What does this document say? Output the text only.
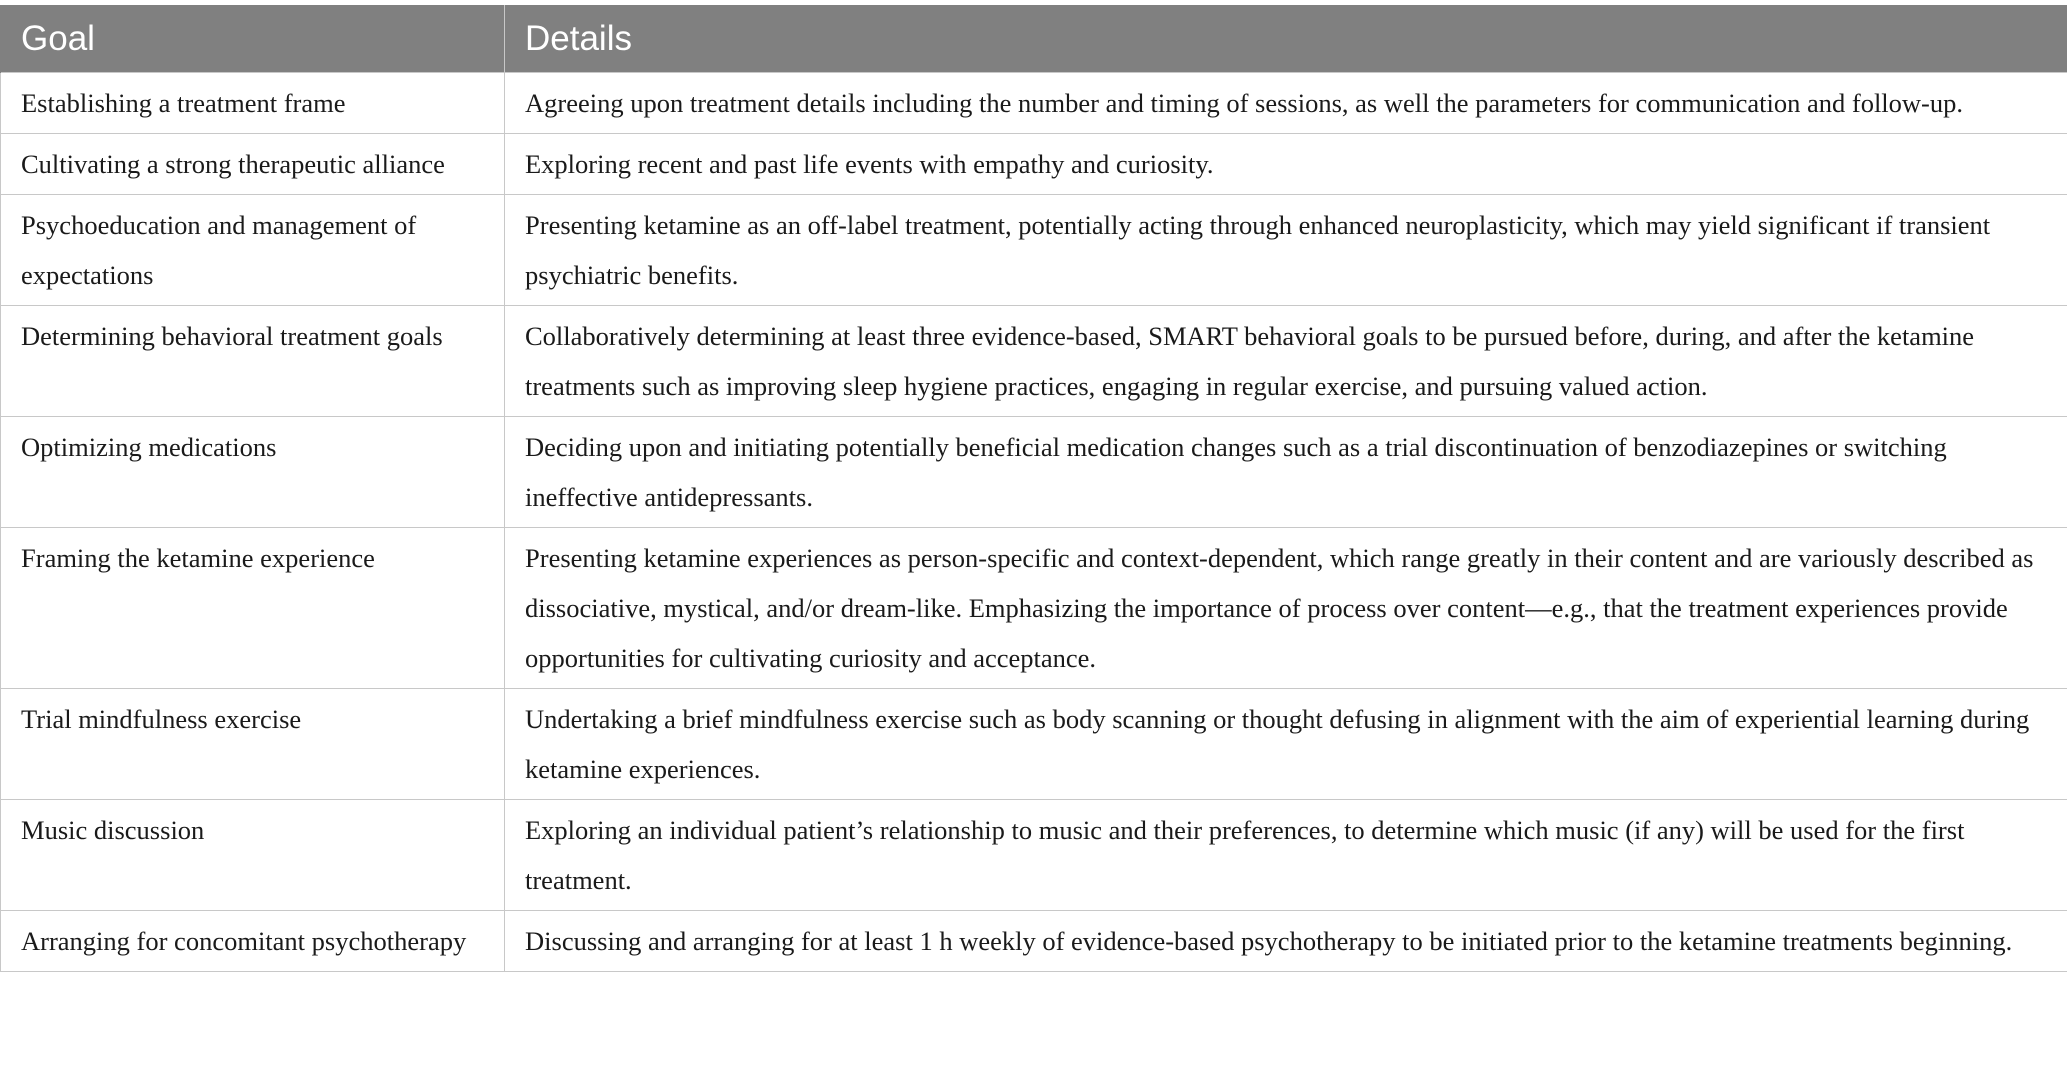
Goal	Details
Establishing a treatment frame	Agreeing upon treatment details including the number and timing of sessions, as well the parameters for communication and follow-up.
Cultivating a strong therapeutic alliance	Exploring recent and past life events with empathy and curiosity.
Psychoeducation and management of expectations	Presenting ketamine as an off-label treatment, potentially acting through enhanced neuroplasticity, which may yield significant if transient psychiatric benefits.
Determining behavioral treatment goals	Collaboratively determining at least three evidence-based, SMART behavioral goals to be pursued before, during, and after the ketamine treatments such as improving sleep hygiene practices, engaging in regular exercise, and pursuing valued action.
Optimizing medications	Deciding upon and initiating potentially beneficial medication changes such as a trial discontinuation of benzodiazepines or switching ineffective antidepressants.
Framing the ketamine experience	Presenting ketamine experiences as person-specific and context-dependent, which range greatly in their content and are variously described as dissociative, mystical, and/or dream-like. Emphasizing the importance of process over content—e.g., that the treatment experiences provide opportunities for cultivating curiosity and acceptance.
Trial mindfulness exercise	Undertaking a brief mindfulness exercise such as body scanning or thought defusing in alignment with the aim of experiential learning during ketamine experiences.
Music discussion	Exploring an individual patient’s relationship to music and their preferences, to determine which music (if any) will be used for the first treatment.
Arranging for concomitant psychotherapy	Discussing and arranging for at least 1 h weekly of evidence-based psychotherapy to be initiated prior to the ketamine treatments beginning.
